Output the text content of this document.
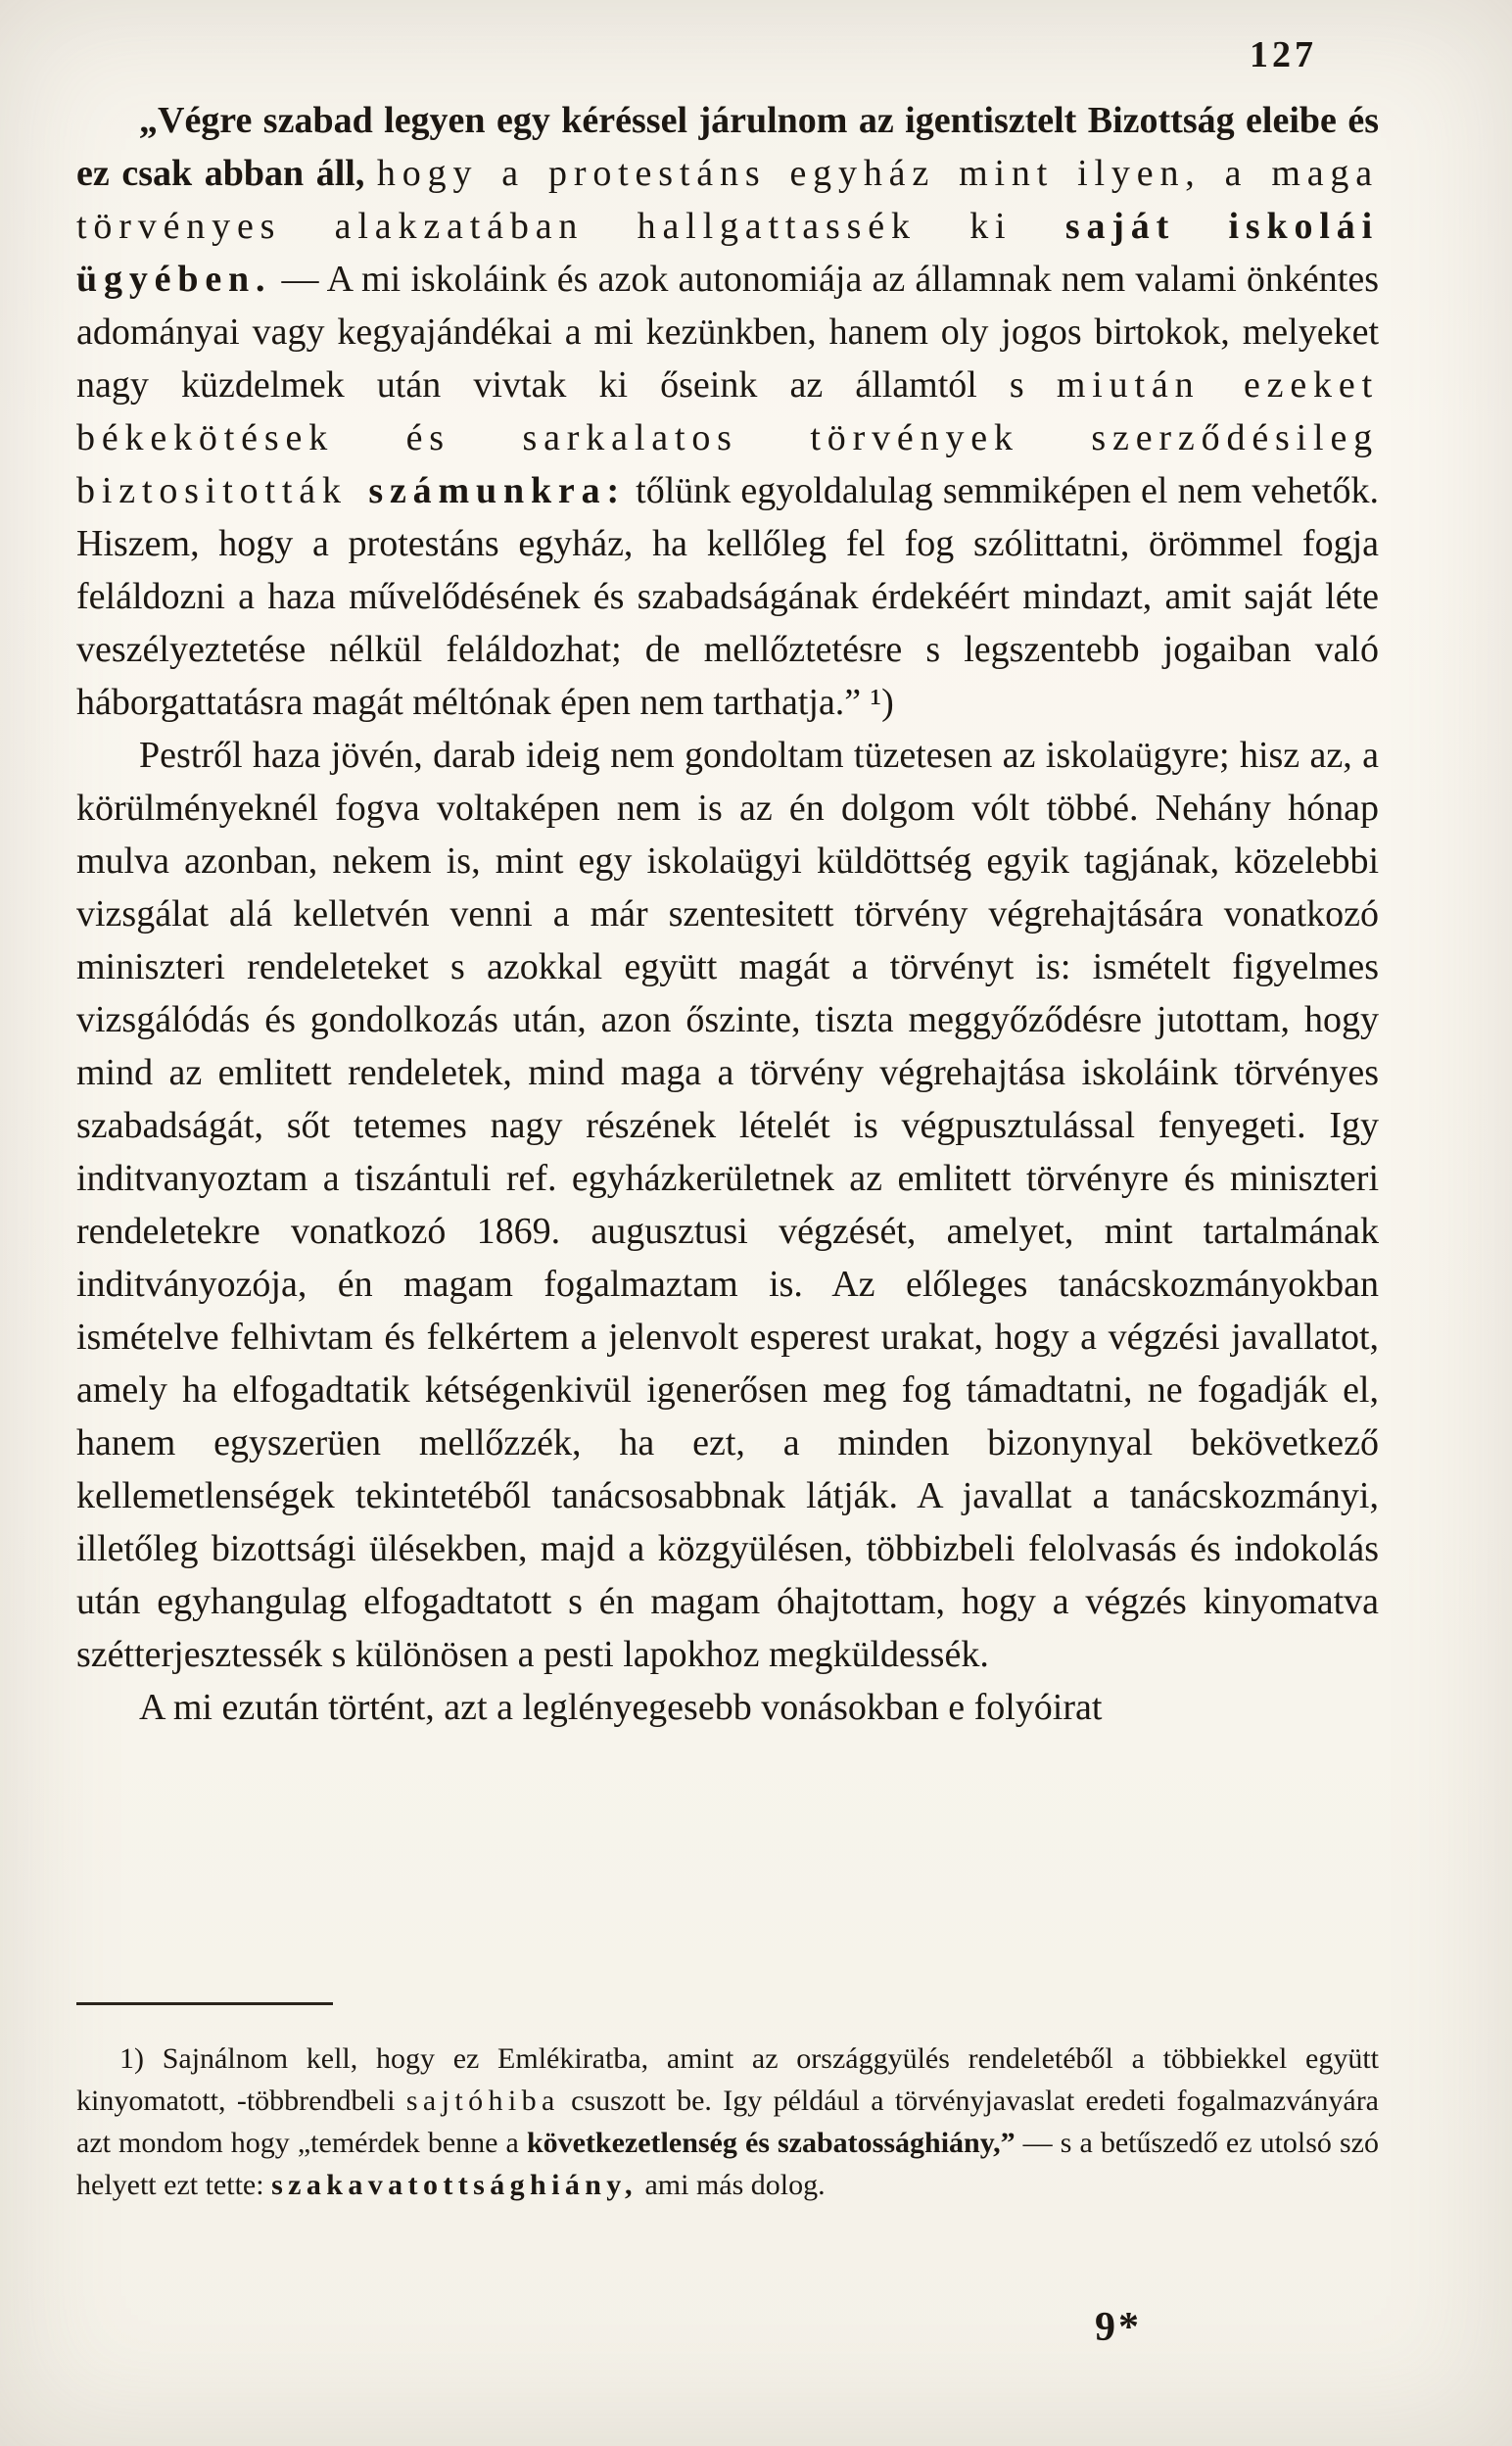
127

„Végre szabad legyen egy kéréssel járulnom az igentisztelt Bizottság eleibe és ez csak abban áll, hogy a protestáns egyház mint ilyen, a maga törvényes alakzatában hallgattassék ki saját iskolái ügyében. — A mi iskoláink és azok autonomiája az államnak nem valami önkéntes adományai vagy kegyajándékai a mi kezünkben, hanem oly jogos birtokok, melyeket nagy küzdelmek után vivtak ki őseink az államtól s miután ezeket békekötések és sarkalatos törvények szerződésileg biztositották számunkra: tőlünk egyoldalulag semmiképen el nem vehetők. Hiszem, hogy a protestáns egyház, ha kellőleg fel fog szólittatni, örömmel fogja feláldozni a haza művelődésének és szabadságának érdekéért mindazt, amit saját léte veszélyeztetése nélkül feláldozhat; de mellőztetésre s legszentebb jogaiban való háborgattatásra magát méltónak épen nem tarthatja.” ¹)

Pestről haza jövén, darab ideig nem gondoltam tüzetesen az iskolaügyre; hisz az, a körülményeknél fogva voltaképen nem is az én dolgom vólt többé. Nehány hónap mulva azonban, nekem is, mint egy iskolaügyi küldöttség egyik tagjának, közelebbi vizsgálat alá kelletvén venni a már szentesitett törvény végrehajtására vonatkozó miniszteri rendeleteket s azokkal együtt magát a törvényt is: ismételt figyelmes vizsgálódás és gondolkozás után, azon őszinte, tiszta meggyőződésre jutottam, hogy mind az emlitett rendeletek, mind maga a törvény végrehajtása iskoláink törvényes szabadságát, sőt tetemes nagy részének lételét is végpusztulással fenyegeti. Igy inditvanyoztam a tiszántuli ref. egyházkerületnek az emlitett törvényre és miniszteri rendeletekre vonatkozó 1869. augusztusi végzését, amelyet, mint tartalmának inditványozója, én magam fogalmaztam is. Az előleges tanácskozmányokban ismételve felhivtam és felkértem a jelenvolt esperest urakat, hogy a végzési javallatot, amely ha elfogadtatik kétségenkivül igenerősen meg fog támadtatni, ne fogadják el, hanem egyszerüen mellőzzék, ha ezt, a minden bizonynyal bekövetkező kellemetlenségek tekintetéből tanácsosabbnak látják. A javallat a tanácskozmányi, illetőleg bizottsági ülésekben, majd a közgyülésen, többizbeli felolvasás és indokolás után egyhangulag elfogadtatott s én magam óhajtottam, hogy a végzés kinyomatva szétterjesztessék s különösen a pesti lapokhoz megküldessék.

A mi ezután történt, azt a leglényegesebb vonásokban e folyóirat

1) Sajnálnom kell, hogy ez Emlékiratba, amint az országgyülés rendeletéből a többiekkel együtt kinyomatott, -többrendbeli sajtóhiba csuszott be. Igy például a törvényjavaslat eredeti fogalmazványára azt mondom hogy „temérdek benne a következetlenség és szabatossághiány,” — s a betűszedő ez utolsó szó helyett ezt tette: szakavatottsághiány, ami más dolog.
9*
